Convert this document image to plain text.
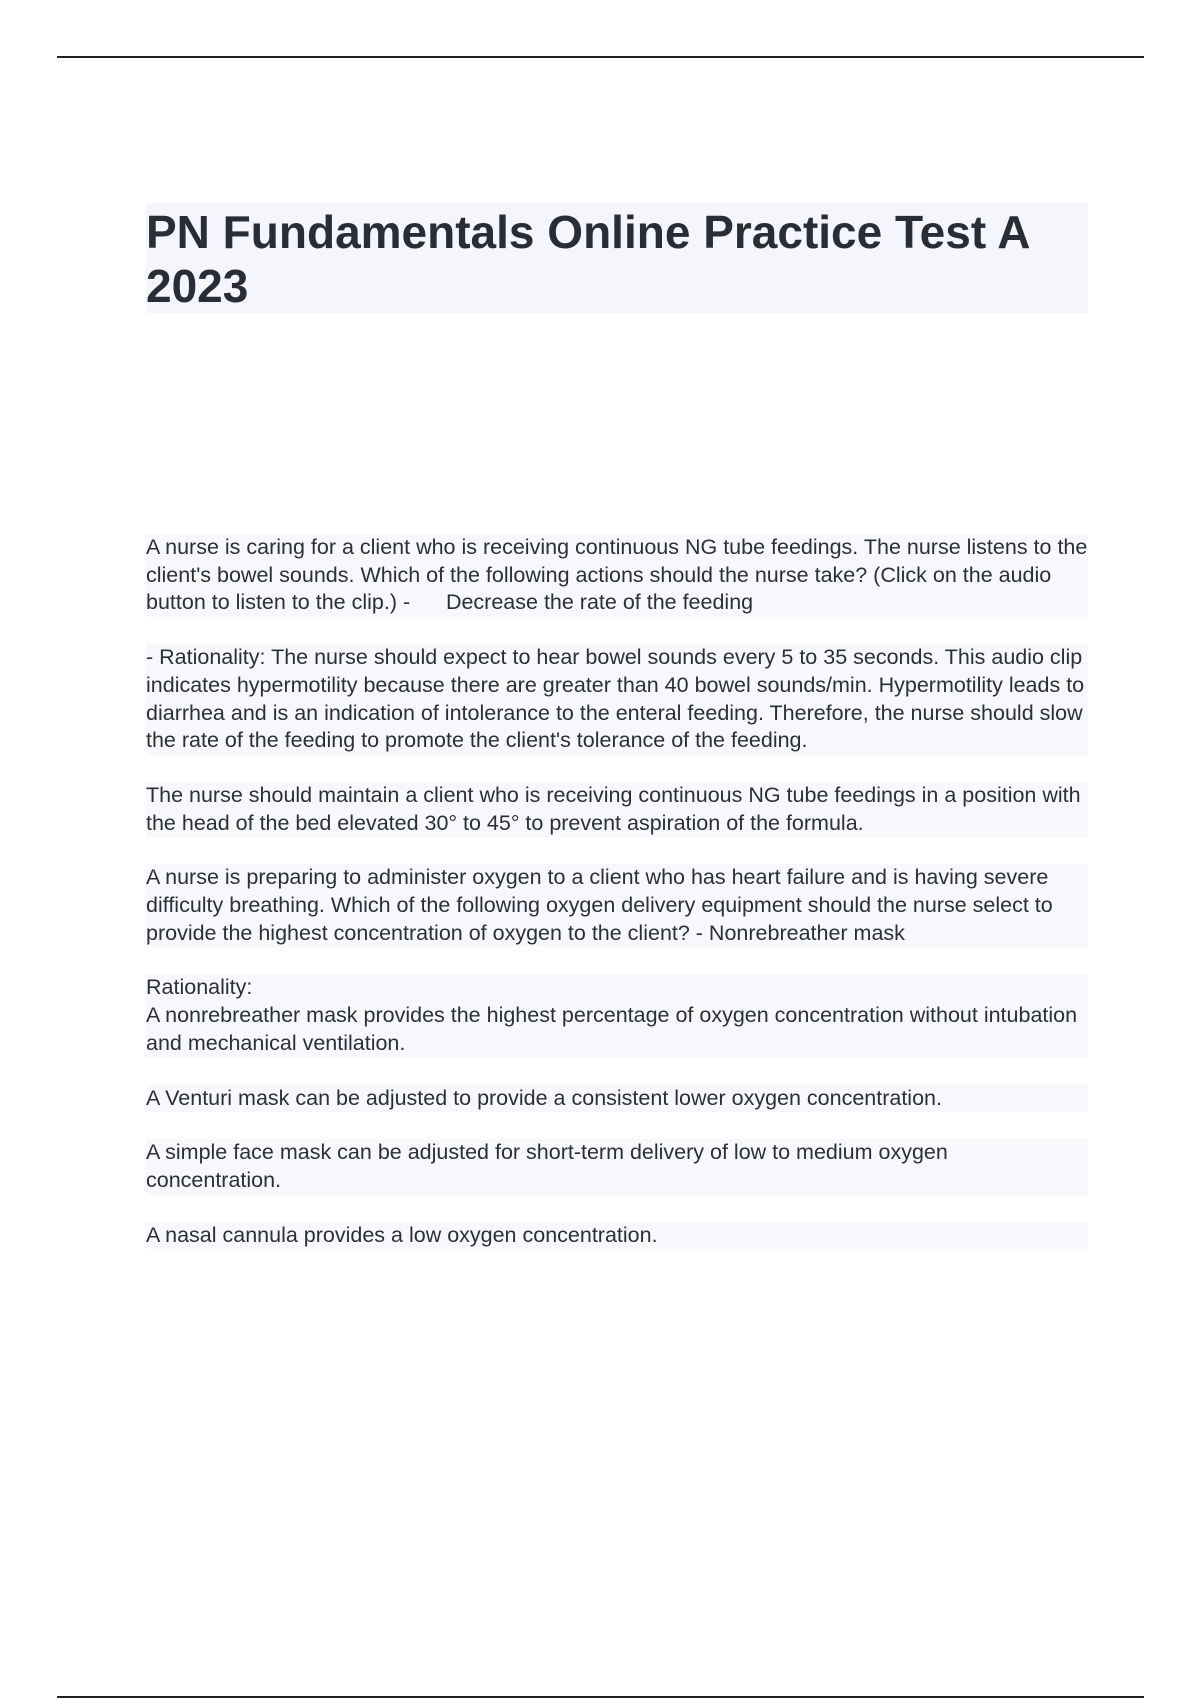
PN Fundamentals Online Practice Test A 2023

A nurse is caring for a client who is receiving continuous NG tube feedings. The nurse listens to the client's bowel sounds. Which of the following actions should the nurse take? (Click on the audio button to listen to the clip.) -      Decrease the rate of the feeding

- Rationality: The nurse should expect to hear bowel sounds every 5 to 35 seconds. This audio clip indicates hypermotility because there are greater than 40 bowel sounds/min. Hypermotility leads to diarrhea and is an indication of intolerance to the enteral feeding. Therefore, the nurse should slow the rate of the feeding to promote the client's tolerance of the feeding.

The nurse should maintain a client who is receiving continuous NG tube feedings in a position with the head of the bed elevated 30° to 45° to prevent aspiration of the formula.

A nurse is preparing to administer oxygen to a client who has heart failure and is having severe difficulty breathing. Which of the following oxygen delivery equipment should the nurse select to provide the highest concentration of oxygen to the client? - Nonrebreather mask

Rationality:

A nonrebreather mask provides the highest percentage of oxygen concentration without intubation and mechanical ventilation.

A Venturi mask can be adjusted to provide a consistent lower oxygen concentration.

A simple face mask can be adjusted for short-term delivery of low to medium oxygen concentration.

A nasal cannula provides a low oxygen concentration.
